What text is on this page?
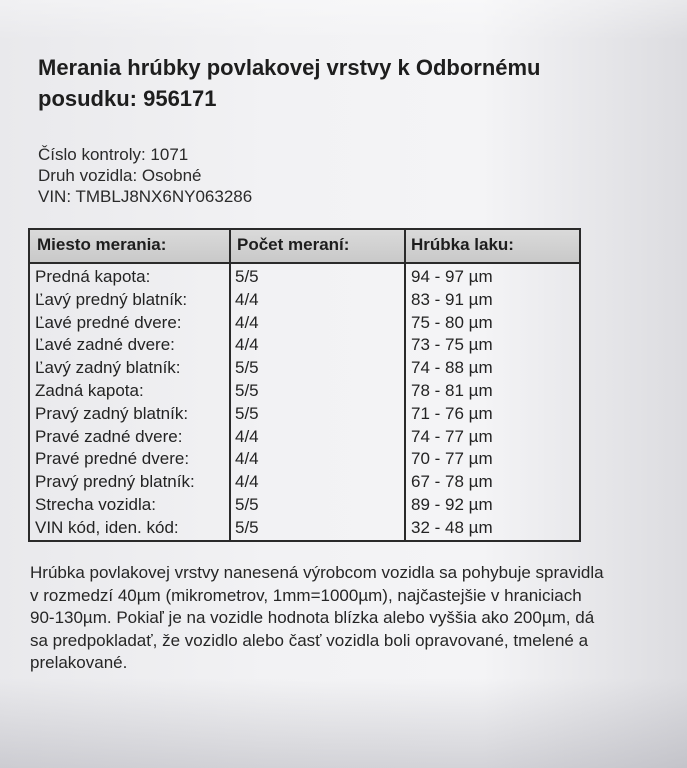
Merania hrúbky povlakovej vrstvy k Odbornému posudku: 956171
Číslo kontroly: 1071
Druh vozidla: Osobné
VIN: TMBLJ8NX6NY063286
Miesto merania:	Počet meraní:	Hrúbka laku:
Predná kapota:	5/5	94 - 97 µm
Ľavý predný blatník:	4/4	83 - 91 µm
Ľavé predné dvere:	4/4	75 - 80 µm
Ľavé zadné dvere:	4/4	73 - 75 µm
Ľavý zadný blatník:	5/5	74 - 88 µm
Zadná kapota:	5/5	78 - 81 µm
Pravý zadný blatník:	5/5	71 - 76 µm
Pravé zadné dvere:	4/4	74 - 77 µm
Pravé predné dvere:	4/4	70 - 77 µm
Pravý predný blatník: 4/4	67 - 78 µm
Strecha vozidla:	5/5	89 - 92 µm
VIN kód, iden. kód:	5/5	32 - 48 µm
Hrúbka povlakovej vrstvy nanesená výrobcom vozidla sa pohybuje spravidla v rozmedzí 40µm (mikrometrov, 1mm=1000µm), najčastejšie v hraniciach 90-130µm. Pokiaľ je na vozidle hodnota blízka alebo vyššia ako 200µm, dá sa predpokladať, že vozidlo alebo časť vozidla boli opravované, tmelené a prelakované.
